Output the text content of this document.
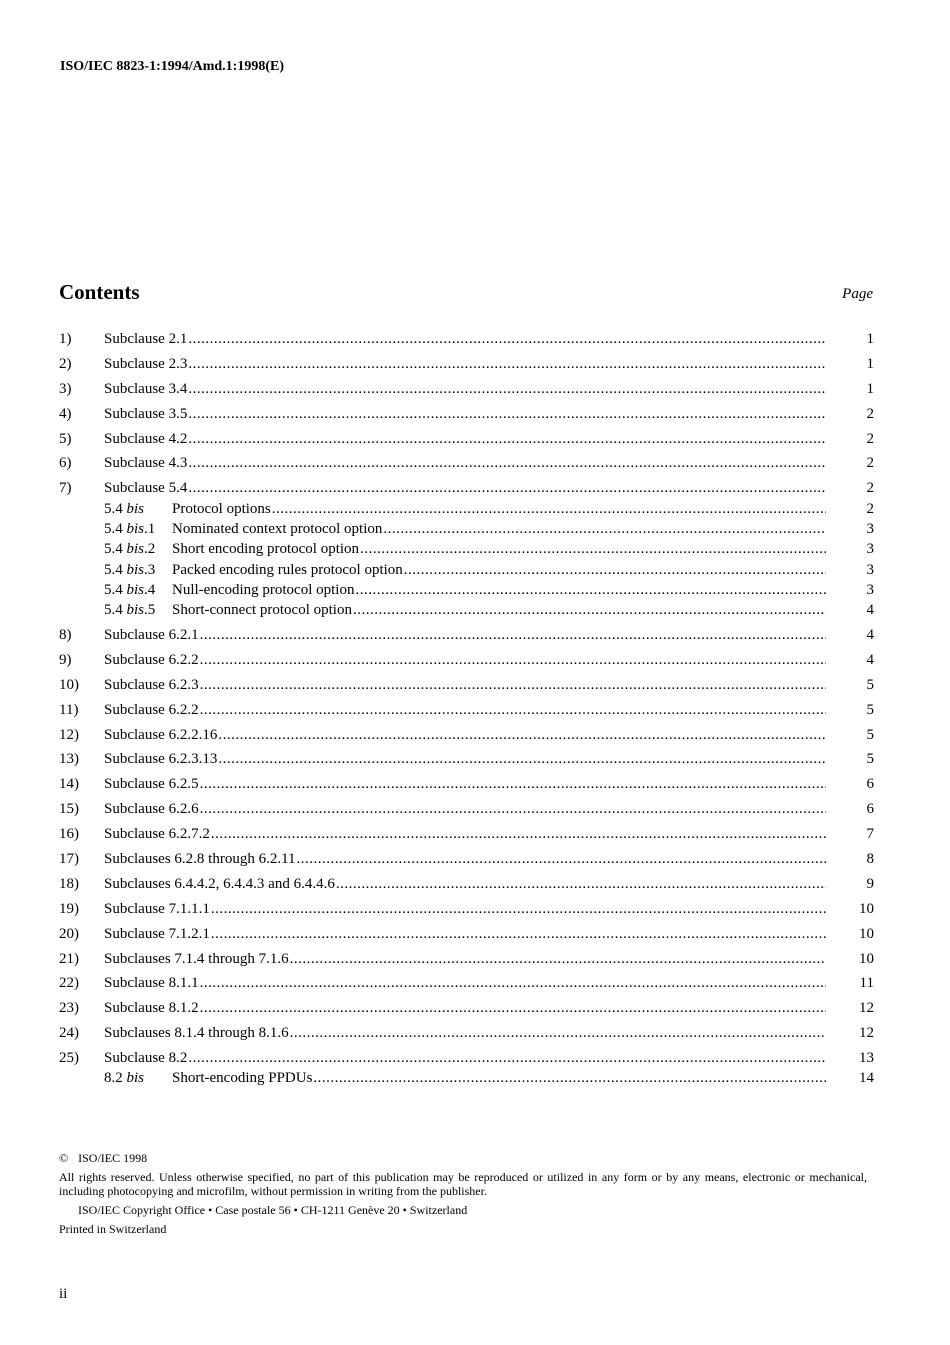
ISO/IEC 8823-1:1994/Amd.1:1998(E)
Contents	Page
1) Subclause 2.1 .....	1
2) Subclause 2.3 .....	1
3) Subclause 3.4 .....	1
4) Subclause 3.5 .....	2
5) Subclause 4.2 .....	2
6) Subclause 4.3 .....	2
7) Subclause 5.4 .....	2
5.4 bis Protocol options .....	2
5.4 bis.1 Nominated context protocol option .....	3
5.4 bis.2 Short encoding protocol option .....	3
5.4 bis.3 Packed encoding rules protocol option .....	3
5.4 bis.4 Null-encoding protocol option .....	3
5.4 bis.5 Short-connect protocol option .....	4
8) Subclause 6.2.1 .....	4
9) Subclause 6.2.2 .....	4
10) Subclause 6.2.3 .....	5
11) Subclause 6.2.2 .....	5
12) Subclause 6.2.2.16 .....	5
13) Subclause 6.2.3.13 .....	5
14) Subclause 6.2.5 .....	6
15) Subclause 6.2.6 .....	6
16) Subclause 6.2.7.2 .....	7
17) Subclauses 6.2.8 through 6.2.11 .....	8
18) Subclauses 6.4.4.2, 6.4.4.3 and 6.4.4.6 .....	9
19) Subclause 7.1.1.1 .....	10
20) Subclause 7.1.2.1 .....	10
21) Subclauses 7.1.4 through 7.1.6 .....	10
22) Subclause 8.1.1 .....	11
23) Subclause 8.1.2 .....	12
24) Subclauses 8.1.4 through 8.1.6 .....	12
25) Subclause 8.2 .....	13
8.2 bis Short-encoding PPDUs .....	14
© ISO/IEC 1998
All rights reserved. Unless otherwise specified, no part of this publication may be reproduced or utilized in any form or by any means, electronic or mechanical, including photocopying and microfilm, without permission in writing from the publisher.
ISO/IEC Copyright Office • Case postale 56 • CH-1211 Genève 20 • Switzerland
Printed in Switzerland
ii
